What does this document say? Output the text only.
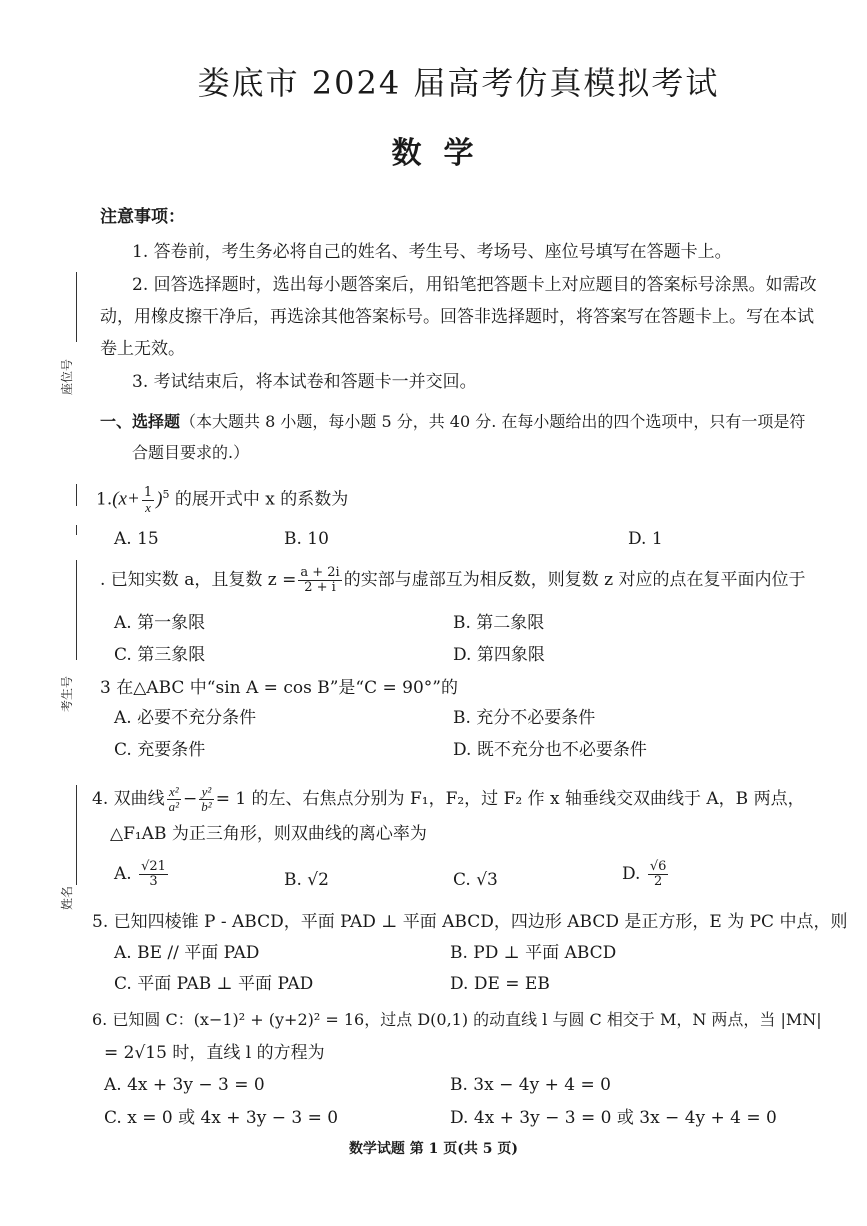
娄底市 2024 届高考仿真模拟考试
数学
座位号
考生号
姓名
注意事项：
1. 答卷前，考生务必将自己的姓名、考生号、考场号、座位号填写在答题卡上。
2. 回答选择题时，选出每小题答案后，用铅笔把答题卡上对应题目的答案标号涂黑。如需改
动，用橡皮擦干净后，再选涂其他答案标号。回答非选择题时，将答案写在答题卡上。写在本试
卷上无效。
3. 考试结束后，将本试卷和答题卡一并交回。
一、选择题（本大题共 8 小题，每小题 5 分，共 40 分. 在每小题给出的四个选项中，只有一项是符
合题目要求的.）
$1.(x+ \frac{1}{x} )^5$ 的展开式中 x 的系数为
A. 15	B. 10	D. 1
. 已知实数 a，且复数 $z = \frac{a + 2i}{2 + i}$ 的实部与虚部互为相反数，则复数 z 对应的点在复平面内位于
A. 第一象限	B. 第二象限
C. 第三象限	D. 第四象限
3 在△ABC 中“sin A = cos B”是“C = 90°”的
A. 必要不充分条件	B. 充分不必要条件
C. 充要条件	D. 既不充分也不必要条件
4. 双曲线 $\frac{\text{x²}}{\text{a²}} - \frac{\text{y²}}{\text{b²}} = 1$ 的左、右焦点分别为 F₁，F₂，过 F₂ 作 x 轴垂线交双曲线于 A，B 两点，
△F₁AB 为正三角形，则双曲线的离心率为
A. $\frac{√21}{3}$	B. √2	C. √3	D. $\frac{√6}{2}$
5. 已知四棱锥 P - ABCD，平面 PAD ⊥ 平面 ABCD，四边形 ABCD 是正方形，E 为 PC 中点，则
A. BE // 平面 PAD	B. PD ⊥ 平面 ABCD
C. 平面 PAB ⊥ 平面 PAD	D. DE = EB
6. 已知圆 C：(x−1)² + (y+2)² = 16，过点 D(0,1) 的动直线 l 与圆 C 相交于 M，N 两点，当 |MN|
= 2√15 时，直线 l 的方程为
A. 4x + 3y − 3 = 0	B. 3x − 4y + 4 = 0
C. x = 0 或 4x + 3y − 3 = 0	D. 4x + 3y − 3 = 0 或 3x − 4y + 4 = 0
数学试题 第 1 页(共 5 页)
